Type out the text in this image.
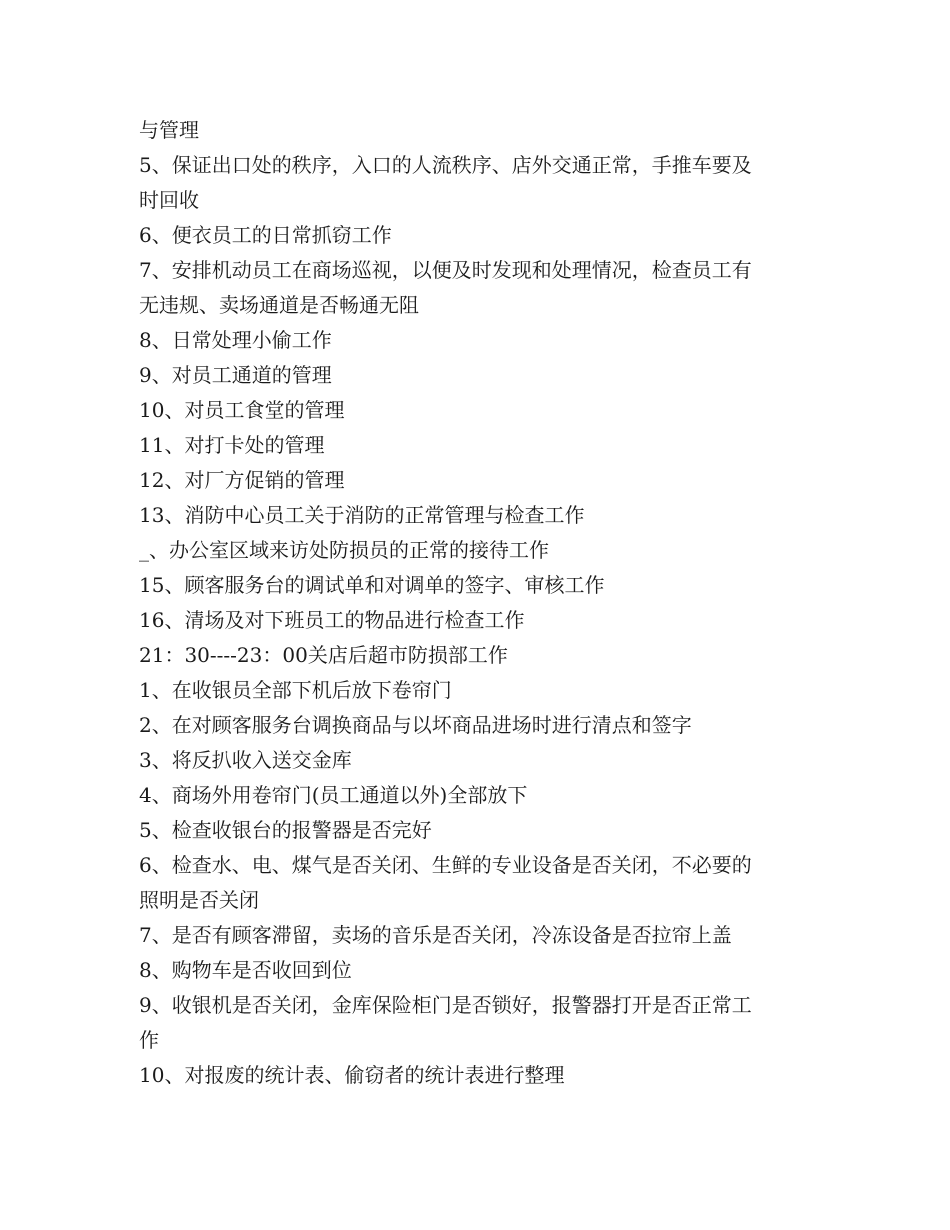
与管理
5、保证出口处的秩序，入口的人流秩序、店外交通正常，手推车要及
时回收
6、便衣员工的日常抓窃工作
7、安排机动员工在商场巡视，以便及时发现和处理情况，检查员工有
无违规、卖场通道是否畅通无阻
8、日常处理小偷工作
9、对员工通道的管理
10、对员工食堂的管理
11、对打卡处的管理
12、对厂方促销的管理
13、消防中心员工关于消防的正常管理与检查工作
_、办公室区域来访处防损员的正常的接待工作
15、顾客服务台的调试单和对调单的签字、审核工作
16、清场及对下班员工的物品进行检查工作
21：30----23：00关店后超市防损部工作
1、在收银员全部下机后放下卷帘门
2、在对顾客服务台调换商品与以坏商品进场时进行清点和签字
3、将反扒收入送交金库
4、商场外用卷帘门(员工通道以外)全部放下
5、检查收银台的报警器是否完好
6、检查水、电、煤气是否关闭、生鲜的专业设备是否关闭，不必要的
照明是否关闭
7、是否有顾客滞留，卖场的音乐是否关闭，冷冻设备是否拉帘上盖
8、购物车是否收回到位
9、收银机是否关闭，金库保险柜门是否锁好，报警器打开是否正常工
作
10、对报废的统计表、偷窃者的统计表进行整理
